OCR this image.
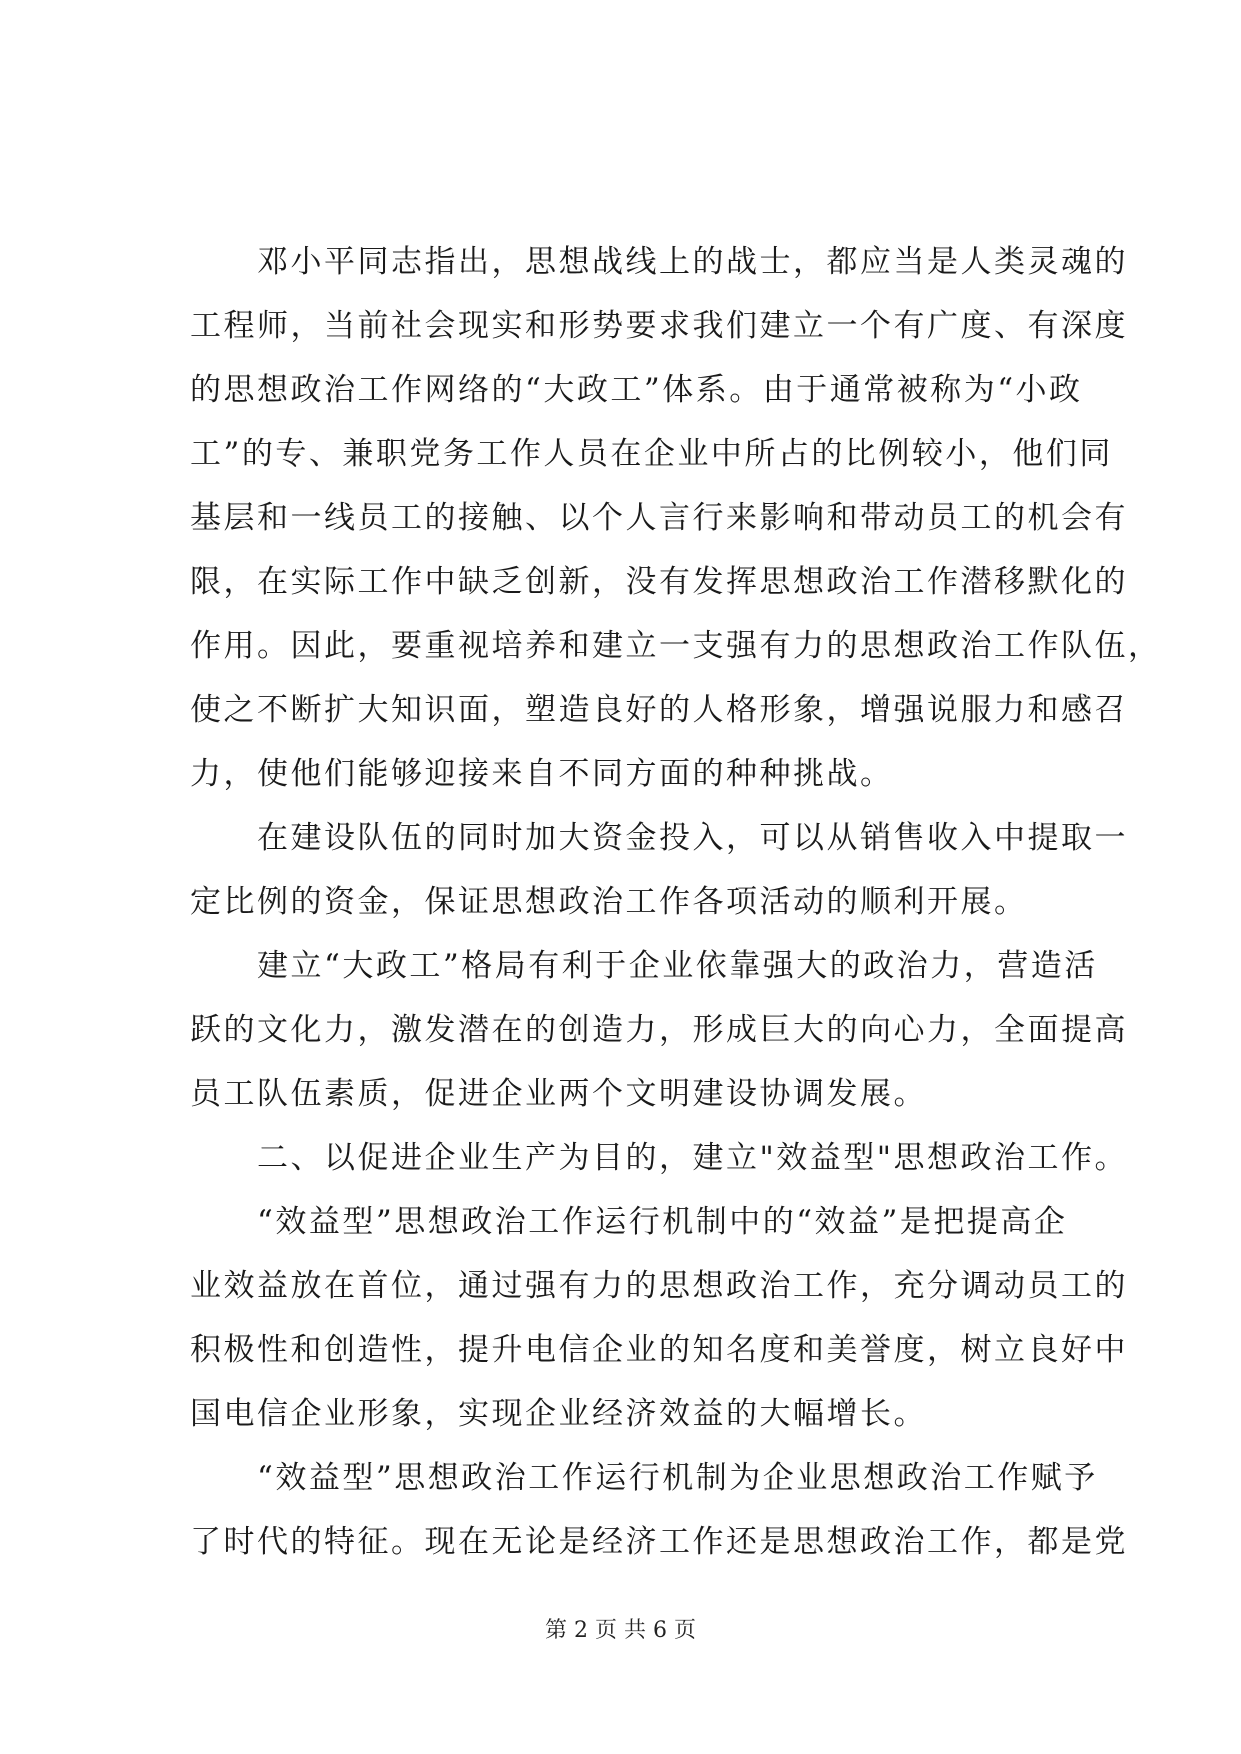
　　邓小平同志指出，思想战线上的战士，都应当是人类灵魂的
工程师，当前社会现实和形势要求我们建立一个有广度、有深度
的思想政治工作网络的“大政工”体系。由于通常被称为“小政
工”的专、兼职党务工作人员在企业中所占的比例较小，他们同
基层和一线员工的接触、以个人言行来影响和带动员工的机会有
限，在实际工作中缺乏创新，没有发挥思想政治工作潜移默化的
作用。因此，要重视培养和建立一支强有力的思想政治工作队伍，
使之不断扩大知识面，塑造良好的人格形象，增强说服力和感召
力，使他们能够迎接来自不同方面的种种挑战。
　　在建设队伍的同时加大资金投入，可以从销售收入中提取一
定比例的资金，保证思想政治工作各项活动的顺利开展。
　　建立“大政工”格局有利于企业依靠强大的政治力，营造活
跃的文化力，激发潜在的创造力，形成巨大的向心力，全面提高
员工队伍素质，促进企业两个文明建设协调发展。
　　二、以促进企业生产为目的，建立"效益型"思想政治工作。
　　“效益型”思想政治工作运行机制中的“效益”是把提高企
业效益放在首位，通过强有力的思想政治工作，充分调动员工的
积极性和创造性，提升电信企业的知名度和美誉度，树立良好中
国电信企业形象，实现企业经济效益的大幅增长。
　　“效益型”思想政治工作运行机制为企业思想政治工作赋予
了时代的特征。现在无论是经济工作还是思想政治工作，都是党
第 2 页 共 6 页
